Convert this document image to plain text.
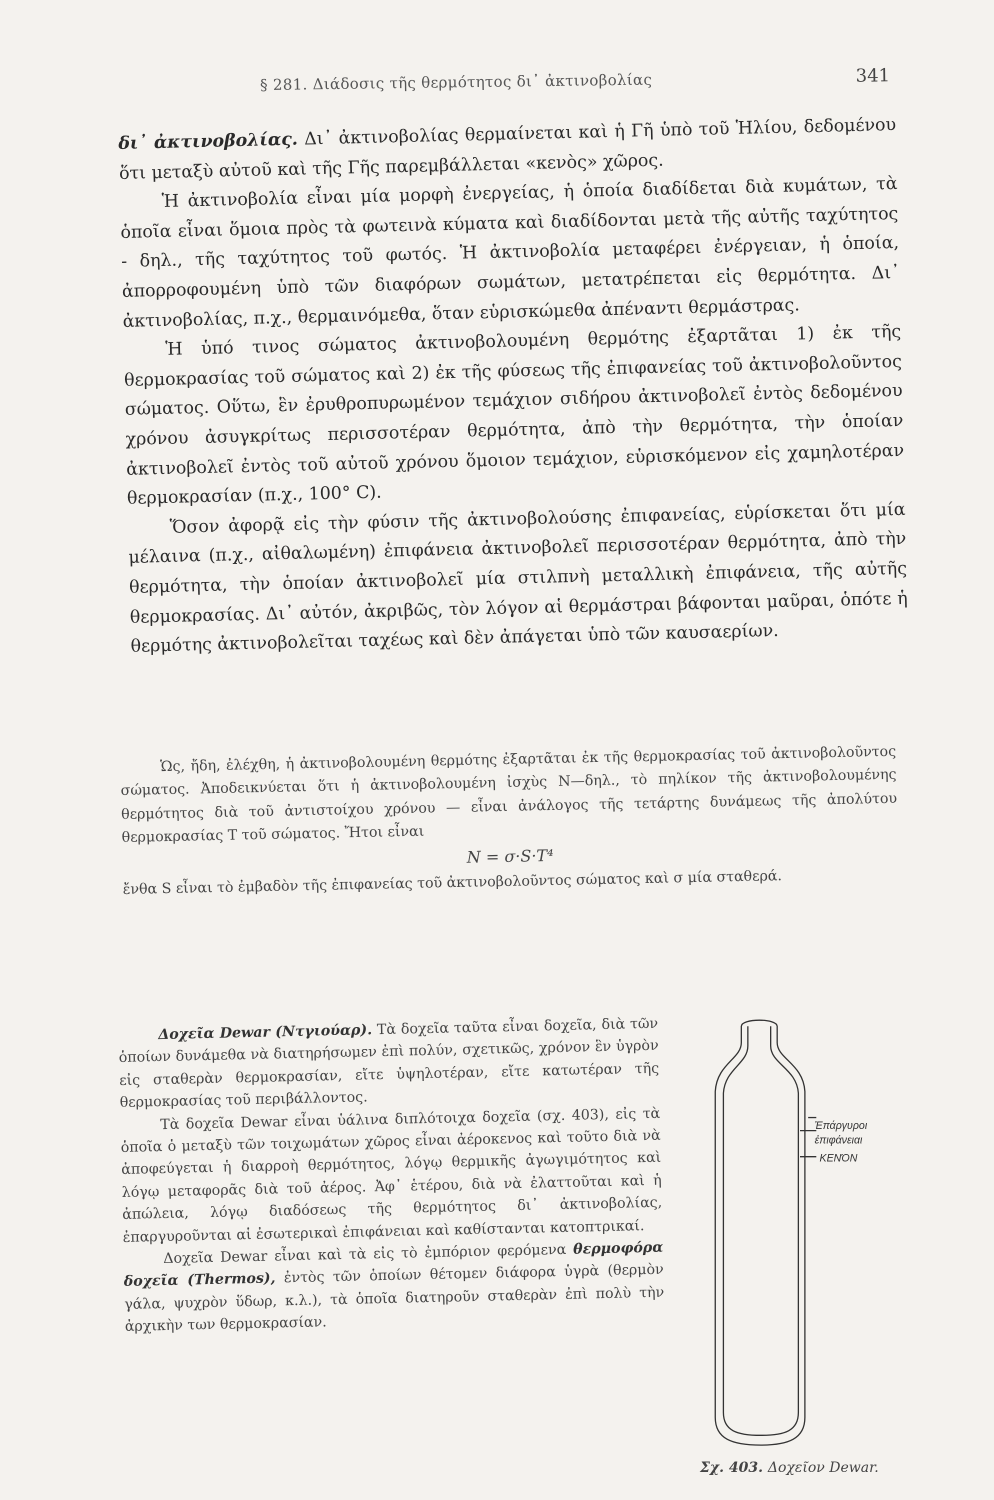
§ 281. Διάδοσις τῆς θερμότητος δι᾽ ἀκτινοβολίας	341

δι᾽ ἀκτινοβολίας. Δι᾽ ἀκτινοβολίας θερμαίνεται καὶ ἡ Γῆ ὑπὸ τοῦ Ἡλίου, δεδομένου ὅτι μεταξὺ αὐτοῦ καὶ τῆς Γῆς παρεμβάλλεται «κενὸς» χῶρος.

Ἡ ἀκτινοβολία εἶναι μία μορφὴ ἐνεργείας, ἡ ὁποία διαδίδεται διὰ κυμάτων, τὰ ὁποῖα εἶναι ὅμοια πρὸς τὰ φωτεινὰ κύματα καὶ διαδίδονται μετὰ τῆς αὐτῆς ταχύτητος - δηλ., τῆς ταχύτητος τοῦ φωτός. Ἡ ἀκτινοβολία μεταφέρει ἐνέργειαν, ἡ ὁποία, ἀπορροφουμένη ὑπὸ τῶν διαφόρων σωμάτων, μετατρέπεται εἰς θερμότητα. Δι᾽ ἀκτινοβολίας, π.χ., θερμαινόμεθα, ὅταν εὑρισκώμεθα ἀπέναντι θερμάστρας.

Ἡ ὑπό τινος σώματος ἀκτινοβολουμένη θερμότης ἐξαρτᾶται 1) ἐκ τῆς θερμοκρασίας τοῦ σώματος καὶ 2) ἐκ τῆς φύσεως τῆς ἐπιφανείας τοῦ ἀκτινοβολοῦντος σώματος. Οὕτω, ἓν ἐρυθροπυρωμένον τεμάχιον σιδήρου ἀκτινοβολεῖ ἐντὸς δεδομένου χρόνου ἀσυγκρίτως περισσοτέραν θερμότητα, ἀπὸ τὴν θερμότητα, τὴν ὁποίαν ἀκτινοβολεῖ ἐντὸς τοῦ αὐτοῦ χρόνου ὅμοιον τεμάχιον, εὑρισκόμενον εἰς χαμηλοτέραν θερμοκρασίαν (π.χ., 100° C).

Ὅσον ἀφορᾷ εἰς τὴν φύσιν τῆς ἀκτινοβολούσης ἐπιφανείας, εὑρίσκεται ὅτι μία μέλαινα (π.χ., αἰθαλωμένη) ἐπιφάνεια ἀκτινοβολεῖ περισσοτέραν θερμότητα, ἀπὸ τὴν θερμότητα, τὴν ὁποίαν ἀκτινοβολεῖ μία στιλπνὴ μεταλλικὴ ἐπιφάνεια, τῆς αὐτῆς θερμοκρασίας. Δι᾽ αὐτόν, ἀκριβῶς, τὸν λόγον αἱ θερμάστραι βάφονται μαῦραι, ὁπότε ἡ θερμότης ἀκτινοβολεῖται ταχέως καὶ δὲν ἀπάγεται ὑπὸ τῶν καυσαερίων.

Ὡς, ἤδη, ἐλέχθη, ἡ ἀκτινοβολουμένη θερμότης ἐξαρτᾶται ἐκ τῆς θερμοκρασίας τοῦ ἀκτινοβολοῦντος σώματος. Ἀποδεικνύεται ὅτι ἡ ἀκτινοβολουμένη ἰσχὺς N—δηλ., τὸ πηλίκον τῆς ἀκτινοβολουμένης θερμότητος διὰ τοῦ ἀντιστοίχου χρόνου — εἶναι ἀνάλογος τῆς τετάρτης δυνάμεως τῆς ἀπολύτου θερμοκρασίας T τοῦ σώματος. Ἤτοι εἶναι

N = σ·S·T⁴

ἔνθα S εἶναι τὸ ἐμβαδὸν τῆς ἐπιφανείας τοῦ ἀκτινοβολοῦντος σώματος καὶ σ μία σταθερά.

Δοχεῖα Dewar (Ντγιούαρ). Τὰ δοχεῖα ταῦτα εἶναι δοχεῖα, διὰ τῶν ὁποίων δυνάμεθα νὰ διατηρήσωμεν ἐπὶ πολύν, σχετικῶς, χρόνον ἓν ὑγρὸν εἰς σταθερὰν θερμοκρασίαν, εἴτε ὑψηλοτέραν, εἴτε κατωτέραν τῆς θερμοκρασίας τοῦ περιβάλλοντος.

Τὰ δοχεῖα Dewar εἶναι ὑάλινα διπλότοιχα δοχεῖα (σχ. 403), εἰς τὰ ὁποῖα ὁ μεταξὺ τῶν τοιχωμάτων χῶρος εἶναι ἀέροκενος καὶ τοῦτο διὰ νὰ ἀποφεύγεται ἡ διαρροὴ θερμότητος, λόγῳ θερμικῆς ἀγωγιμότητος καὶ λόγῳ μεταφορᾶς διὰ τοῦ ἀέρος. Ἀφ᾽ ἑτέρου, διὰ νὰ ἐλαττοῦται καὶ ἡ ἀπώλεια, λόγῳ διαδόσεως τῆς θερμότητος δι᾽ ἀκτινοβολίας, ἐπαργυροῦνται αἱ ἐσωτερικαὶ ἐπιφάνειαι καὶ καθίστανται κατοπτρικαί.

Δοχεῖα Dewar εἶναι καὶ τὰ εἰς τὸ ἐμπόριον φερόμενα θερμοφόρα δοχεῖα (Thermos), ἐντὸς τῶν ὁποίων θέτομεν διάφορα ὑγρὰ (θερμὸν γάλα, ψυχρὸν ὕδωρ, κ.λ.), τὰ ὁποῖα διατηροῦν σταθερὰν ἐπὶ πολὺ τὴν ἀρχικὴν των θερμοκρασίαν.

Ἐπάργυροι
ἐπιφάνειαι
ΚΕΝΌΝ
Σχ. 403. Δοχεῖον Dewar.
